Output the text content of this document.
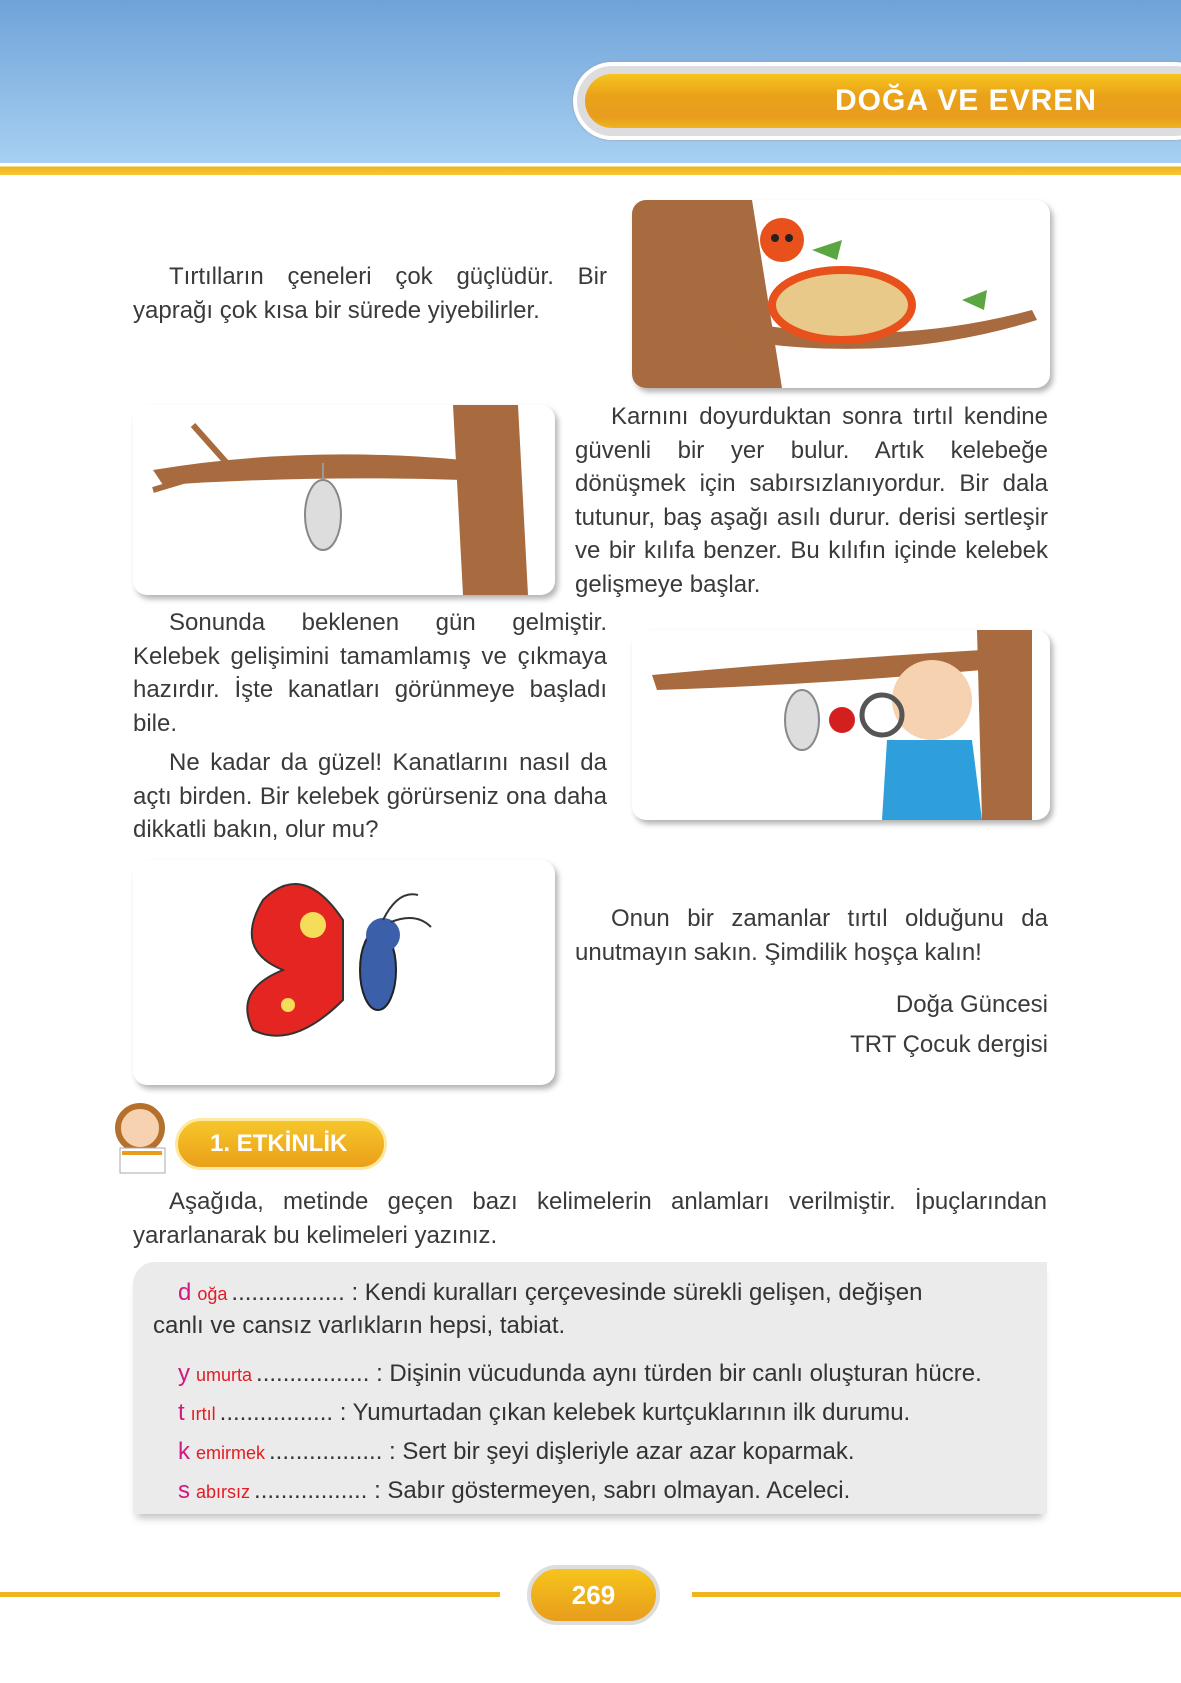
DOĞA VE EVREN

Tırtılların çeneleri çok güçlüdür. Bir yaprağı çok kısa bir sürede yiyebilirler.

Karnını doyurduktan sonra tırtıl kendine güvenli bir yer bulur. Artık kelebeğe dönüşmek için sabırsızlanıyordur. Bir dala tutunur, baş aşağı asılı durur. derisi sertleşir ve bir kılıfa benzer. Bu kılıfın içinde kelebek gelişmeye başlar.

Sonunda beklenen gün gelmiştir. Kelebek gelişimini tamamlamış ve çıkmaya hazırdır. İşte kanatları görünmeye başladı bile.

Ne kadar da güzel! Kanatlarını nasıl da açtı birden. Bir kelebek görürseniz ona daha dikkatli bakın, olur mu?

Onun bir zamanlar tırtıl olduğunu da unutmayın sakın. Şimdilik hoşça kalın!

Doğa Güncesi

TRT Çocuk dergisi

1. ETKİNLİK

Aşağıda, metinde geçen bazı kelimelerin anlamları verilmiştir. İpuçlarından yararlanarak bu kelimeleri yazınız.

d oğa ................. : Kendi kuralları çerçevesinde sürekli gelişen, değişen
canlı ve cansız varlıkların hepsi, tabiat.
y umurta ................. : Dişinin vücudunda aynı türden bir canlı oluşturan hücre.
t ırtıl ................. : Yumurtadan çıkan kelebek kurtçuklarının ilk durumu.
k emirmek ................. : Sert bir şeyi dişleriyle azar azar koparmak.
s abırsız ................. : Sabır göstermeyen, sabrı olmayan. Aceleci.
269
